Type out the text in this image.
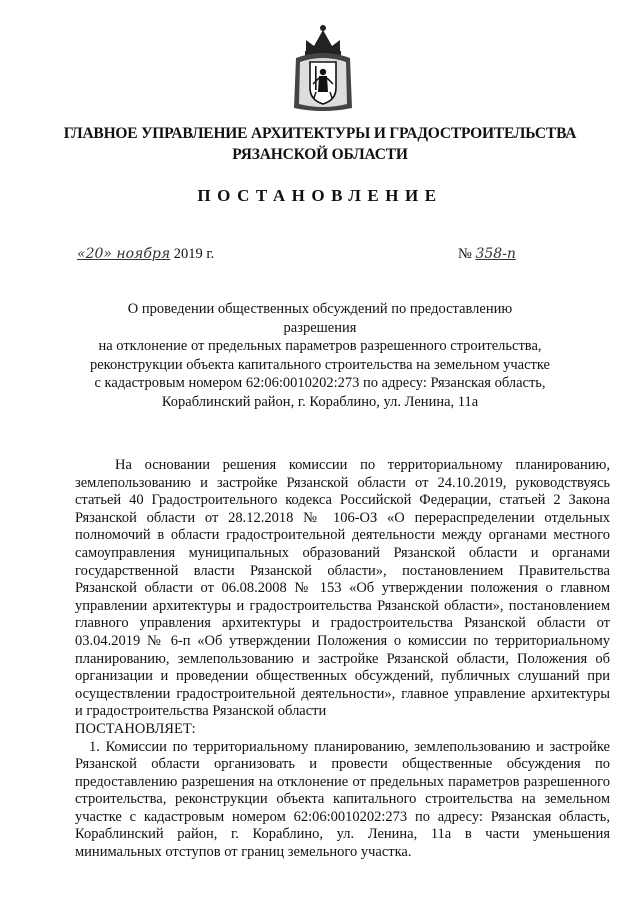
ГЛАВНОЕ УПРАВЛЕНИЕ АРХИТЕКТУРЫ И ГРАДОСТРОИТЕЛЬСТВА
РЯЗАНСКОЙ ОБЛАСТИ
ПОСТАНОВЛЕНИЕ
«20» ноября 2019 г.	№ 358-п
О проведении общественных обсуждений по предоставлению разрешения
на отклонение от предельных параметров разрешенного строительства,
реконструкции объекта капитального строительства на земельном участке
с кадастровым номером 62:06:0010202:273 по адресу: Рязанская область,
Кораблинский район, г. Кораблино, ул. Ленина, 11а

На основании решения комиссии по территориальному планированию, землепользованию и застройке Рязанской области от 24.10.2019, руководствуясь статьей 40 Градостроительного кодекса Российской Федерации, статьей 2 Закона Рязанской области от 28.12.2018 № 106-ОЗ «О перераспределении отдельных полномочий в области градостроительной деятельности между органами местного самоуправления муниципальных образований Рязанской области и органами государственной власти Рязанской области», постановлением Правительства Рязанской области от 06.08.2008 № 153 «Об утверждении положения о главном управлении архитектуры и градостроительства Рязанской области», постановлением главного управления архитектуры и градостроительства Рязанской области от 03.04.2019 № 6-п «Об утверждении Положения о комиссии по территориальному планированию, землепользованию и застройке Рязанской области, Положения об организации и проведении общественных обсуждений, публичных слушаний при осуществлении градостроительной деятельности», главное управление архитектуры и градостроительства Рязанской области

ПОСТАНОВЛЯЕТ:

1. Комиссии по территориальному планированию, землепользованию и застройке Рязанской области организовать и провести общественные обсуждения по предоставлению разрешения на отклонение от предельных параметров разрешенного строительства, реконструкции объекта капитального строительства на земельном участке с кадастровым номером 62:06:0010202:273 по адресу: Рязанская область, Кораблинский район, г. Кораблино, ул. Ленина, 11а в части уменьшения минимальных отступов от границ земельного участка.
